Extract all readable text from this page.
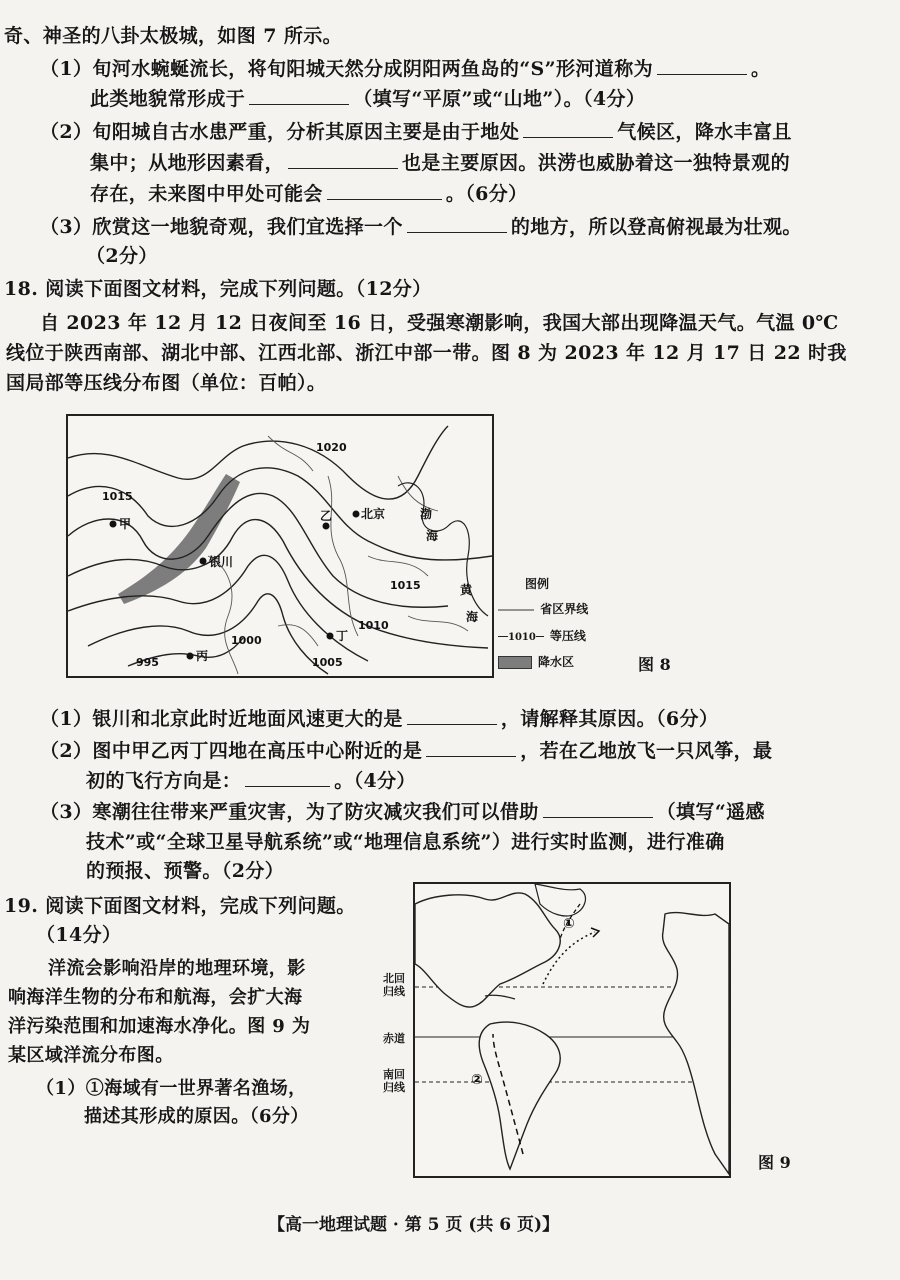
奇、神圣的八卦太极城，如图 7 所示。
（1）旬河水蜿蜒流长，将旬阳城天然分成阴阳两鱼岛的“S”形河道称为	。
此类地貌常形成于	（填写“平原”或“山地”）。（4分）
（2）旬阳城自古水患严重，分析其原因主要是由于地处	气候区，降水丰富且
集中；从地形因素看，	也是主要原因。洪涝也威胁着这一独特景观的
存在，未来图中甲处可能会	。（6分）
（3）欣赏这一地貌奇观，我们宜选择一个	的地方，所以登高俯视最为壮观。
（2分）
18. 阅读下面图文材料，完成下列问题。（12分）
自 2023 年 12 月 12 日夜间至 16 日，受强寒潮影响，我国大部出现降温天气。气温 0℃
线位于陕西南部、湖北中部、江西北部、浙江中部一带。图 8 为 2023 年 12 月 17 日 22 时我
国局部等压线分布图（单位：百帕）。
1020
1015
1015
1010
1005
1000
995
甲
乙 北京
银川
丙
丁
渤
海
黄
海
图例
省区界线
1010 等压线
降水区	图 8
（1）银川和北京此时近地面风速更大的是	，请解释其原因。（6分）
（2）图中甲乙丙丁四地在高压中心附近的是	，若在乙地放飞一只风筝，最
初的飞行方向是：	。（4分）
（3）寒潮往往带来严重灾害，为了防灾减灾我们可以借助	（填写“遥感
技术”或“全球卫星导航系统”或“地理信息系统”）进行实时监测，进行准确
的预报、预警。（2分）
19. 阅读下面图文材料，完成下列问题。
（14分）
洋流会影响沿岸的地理环境，影
响海洋生物的分布和航海，会扩大海
洋污染范围和加速海水净化。图 9 为
某区域洋流分布图。
（1）①海域有一世界著名渔场，
描述其形成的原因。（6分）
北回
归线
赤道
南回
归线
①
②
图 9
【高一地理试题 · 第 5 页 (共 6 页)】
